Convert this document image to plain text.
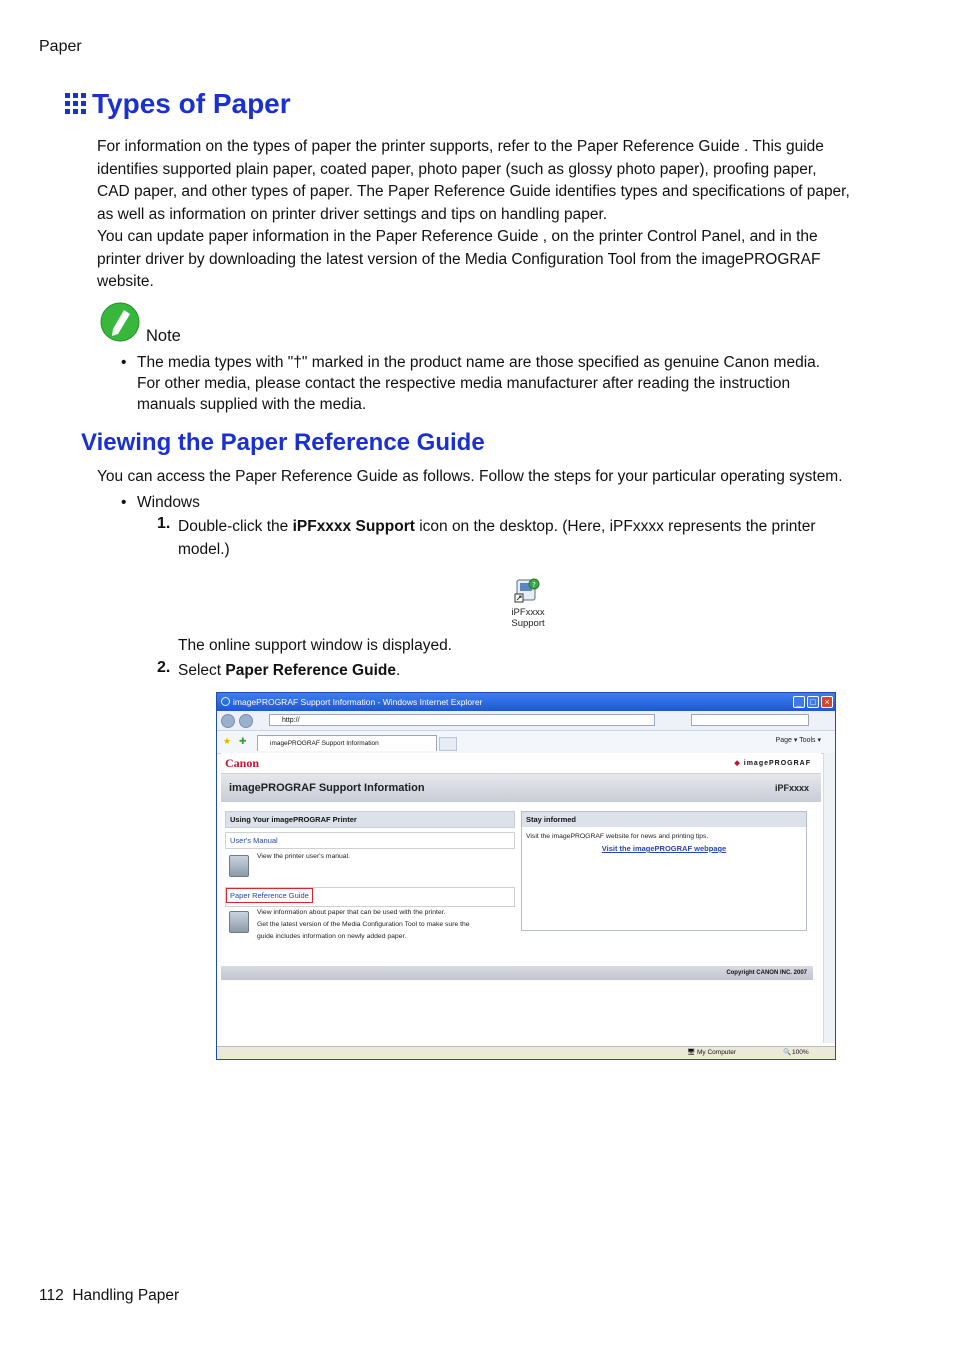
Paper
Types of Paper
For information on the types of paper the printer supports, refer to the Paper Reference Guide . This guide
identifies supported plain paper, coated paper, photo paper (such as glossy photo paper), proofing paper,
CAD paper, and other types of paper. The Paper Reference Guide identifies types and specifications of paper,
as well as information on printer driver settings and tips on handling paper.
You can update paper information in the Paper Reference Guide , on the printer Control Panel, and in the
printer driver by downloading the latest version of the Media Configuration Tool from the imagePROGRAF
website.
Note
• The media types with "†" marked in the product name are those specified as genuine Canon media.
For other media, please contact the respective media manufacturer after reading the instruction
manuals supplied with the media.
Viewing the Paper Reference Guide
You can access the Paper Reference Guide as follows. Follow the steps for your particular operating system.
• Windows
1. Double-click the iPFxxxx Support icon on the desktop. (Here, iPFxxxx represents the printer
model.)
?
iPFxxxx
Support
The online support window is displayed.
2. Select Paper Reference Guide.
imagePROGRAF Support Information - Windows Internet Explorer	_ □ ×
http://
★ ✚	imagePROGRAF Support Information	Page ▾ Tools ▾
Canon
◆	imagePROGRAF
imagePROGRAF Support Information	iPFxxxx
Using Your imagePROGRAF Printer
User's Manual
View the printer user's manual.
Paper Reference Guide
View information about paper that can be used with the printer.
Get the latest version of the Media Configuration Tool to make sure the
guide includes information on newly added paper.
Stay informed
Visit the imagePROGRAF website for news and printing tips.
Visit the imagePROGRAF webpage
Copyright CANON INC. 2007
🖥 My Computer	🔍 100%
112 Handling Paper
